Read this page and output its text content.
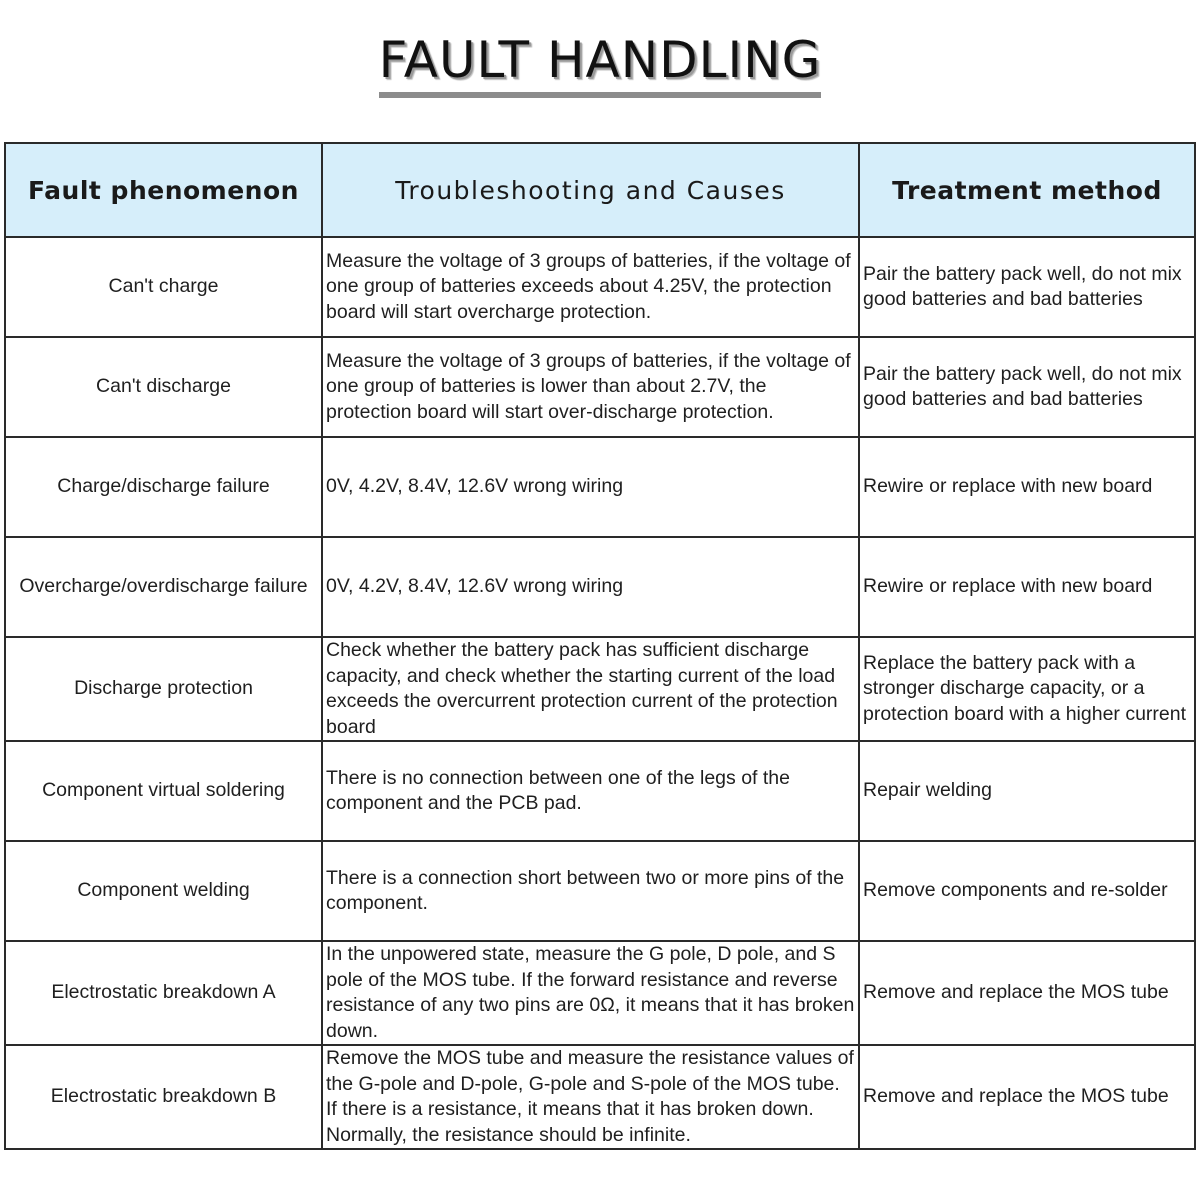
FAULT HANDLING
Fault phenomenon	Troubleshooting and Causes	Treatment method
Can't charge	Measure the voltage of 3 groups of batteries, if the voltage of one group of batteries exceeds about 4.25V, the protection board will start overcharge protection.	Pair the battery pack well, do not mix good batteries and bad batteries
Can't discharge	Measure the voltage of 3 groups of batteries, if the voltage of one group of batteries is lower than about 2.7V, the protection board will start over-discharge protection.	Pair the battery pack well, do not mix good batteries and bad batteries
Charge/discharge failure	0V, 4.2V, 8.4V, 12.6V wrong wiring	Rewire or replace with new board
Overcharge/overdischarge failure	0V, 4.2V, 8.4V, 12.6V wrong wiring	Rewire or replace with new board
Discharge protection	Check whether the battery pack has sufficient discharge capacity, and check whether the starting current of the load exceeds the overcurrent protection current of the protection board	Replace the battery pack with a stronger discharge capacity, or a protection board with a higher current
Component virtual soldering	There is no connection between one of the legs of the component and the PCB pad.	Repair welding
Component welding	There is a connection short between two or more pins of the component.	Remove components and re-solder
Electrostatic breakdown A	In the unpowered state, measure the G pole, D pole, and S pole of the MOS tube. If the forward resistance and reverse resistance of any two pins are 0Ω, it means that it has broken down.	Remove and replace the MOS tube
Electrostatic breakdown B	Remove the MOS tube and measure the resistance values of the G-pole and D-pole, G-pole and S-pole of the MOS tube. If there is a resistance, it means that it has broken down. Normally, the resistance should be infinite.	Remove and replace the MOS tube
